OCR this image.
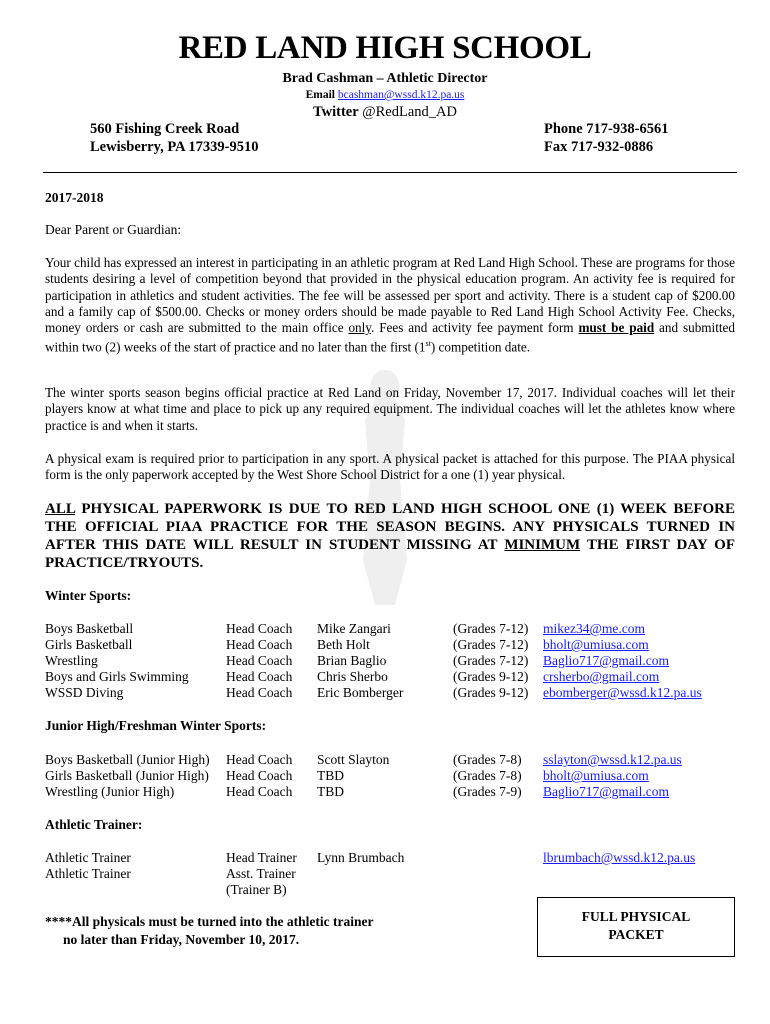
RED LAND HIGH SCHOOL
Brad Cashman – Athletic Director
Email bcashman@wssd.k12.pa.us
Twitter @RedLand_AD
560 Fishing Creek Road
Lewisberry, PA 17339-9510
Phone 717-938-6561
Fax 717-932-0886
2017-2018
Dear Parent or Guardian:
Your child has expressed an interest in participating in an athletic program at Red Land High School. These are programs for those students desiring a level of competition beyond that provided in the physical education program. An activity fee is required for participation in athletics and student activities. The fee will be assessed per sport and activity. There is a student cap of $200.00 and a family cap of $500.00. Checks or money orders should be made payable to Red Land High School Activity Fee. Checks, money orders or cash are submitted to the main office only. Fees and activity fee payment form must be paid and submitted within two (2) weeks of the start of practice and no later than the first (1st) competition date.
The winter sports season begins official practice at Red Land on Friday, November 17, 2017. Individual coaches will let their players know at what time and place to pick up any required equipment. The individual coaches will let the athletes know where practice is and when it starts.
A physical exam is required prior to participation in any sport. A physical packet is attached for this purpose. The PIAA physical form is the only paperwork accepted by the West Shore School District for a one (1) year physical.
ALL PHYSICAL PAPERWORK IS DUE TO RED LAND HIGH SCHOOL ONE (1) WEEK BEFORE THE OFFICIAL PIAA PRACTICE FOR THE SEASON BEGINS. ANY PHYSICALS TURNED IN AFTER THIS DATE WILL RESULT IN STUDENT MISSING AT MINIMUM THE FIRST DAY OF PRACTICE/TRYOUTS.
Winter Sports:
Boys Basketball	Head Coach Mike Zangari	(Grades 7-12) mikez34@me.com
Girls Basketball	Head Coach Beth Holt	(Grades 7-12) bholt@umiusa.com
Wrestling	Head Coach Brian Baglio	(Grades 7-12) Baglio717@gmail.com
Boys and Girls Swimming	Head Coach Chris Sherbo	(Grades 9-12) crsherbo@gmail.com
WSSD Diving	Head Coach Eric Bomberger	(Grades 9-12) ebomberger@wssd.k12.pa.us
Junior High/Freshman Winter Sports:
Boys Basketball (Junior High) Head Coach Scott Slayton	(Grades 7-8) sslayton@wssd.k12.pa.us
Girls Basketball (Junior High) Head Coach TBD	(Grades 7-8) bholt@umiusa.com
Wrestling (Junior High)	Head Coach TBD	(Grades 7-9) Baglio717@gmail.com
Athletic Trainer:
Athletic Trainer	Head Trainer Lynn Brumbach	lbrumbach@wssd.k12.pa.us
Athletic Trainer	Asst. Trainer
(Trainer B)
****All physicals must be turned into the athletic trainer
no later than Friday, November 10, 2017.
FULL PHYSICAL
PACKET
